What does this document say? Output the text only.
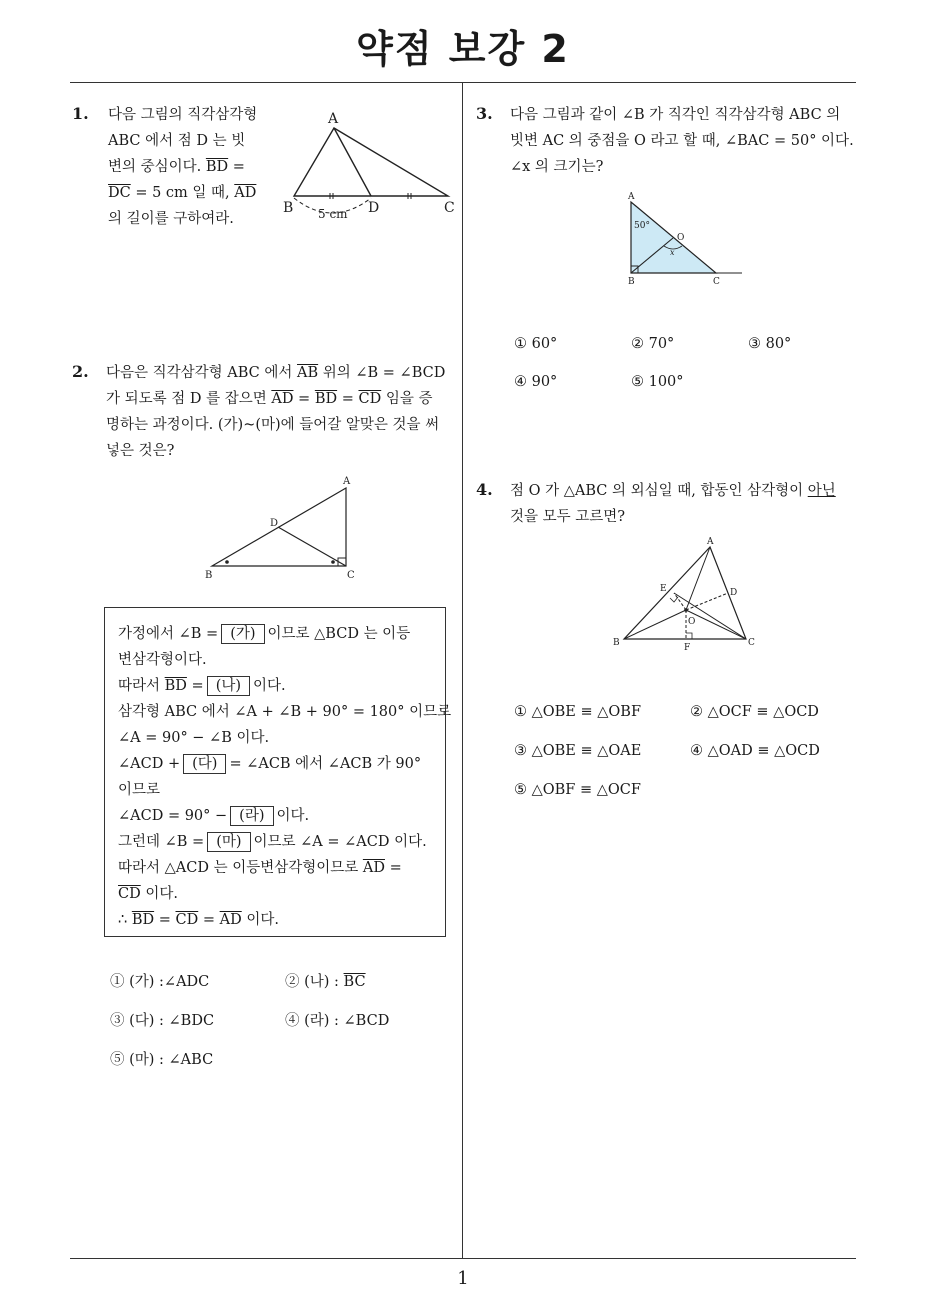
약점 보강 2
1. 다음 그림의 직각삼각형
ABC 에서 점 D 는 빗
변의 중심이다. $\overline{BD}$ =
$\overline{DC} = 5$ cm 일 때, $\overline{AD}$
의 길이를 구하여라.
A
B	D	C
5 cm
2. 다음은 직각삼각형 ABC 에서 $\overline{AB}$ 위의 ∠B = ∠BCD
가 되도록 점 D 를 잡으면 $\overline{AD} = \overline{BD} = \overline{CD}$ 임을 증
명하는 과정이다. (가)~(마)에 들어갈 알맞은 것을 써
넣은 것은?
A
D
B	C
가정에서 ∠B = (가) 이므로 △BCD 는 이등
변삼각형이다.
따라서 $\overline{BD}$ = (나) 이다.
삼각형 ABC 에서 ∠A + ∠B + 90° = 180° 이므로
∠A = 90° − ∠B 이다.
∠ACD + (다) = ∠ACB 에서 ∠ACB 가 90°
이므로
∠ACD = 90° − (라) 이다.
그런데 ∠B = (마) 이므로 ∠A = ∠ACD 이다.
따라서 △ACD 는 이등변삼각형이므로 $\overline{AD}$ =
$\overline{CD}$ 이다.
∴ $\overline{BD} = \overline{CD} = \overline{AD}$ 이다.
① (가) :∠ADC	② (나) : $\overline{BC}$
③ (다) : ∠BDC	④ (라) : ∠BCD
⑤ (마) : ∠ABC
3. 다음 그림과 같이 ∠B 가 직각인 직각삼각형 ABC 의
빗변 AC 의 중점을 O 라고 할 때, ∠BAC = 50° 이다.
∠x 의 크기는?
A
50°
O
x
B	C
① 60°	② 70°	③ 80°
④ 90°	⑤ 100°
4. 점 O 가 △ABC 의 외심일 때, 합동인 삼각형이 아닌
것을 모두 고르면?
A
E	D
O
B	F	C
① △OBE ≡ △OBF	② △OCF ≡ △OCD
③ △OBE ≡ △OAE	④ △OAD ≡ △OCD
⑤ △OBF ≡ △OCF
1
